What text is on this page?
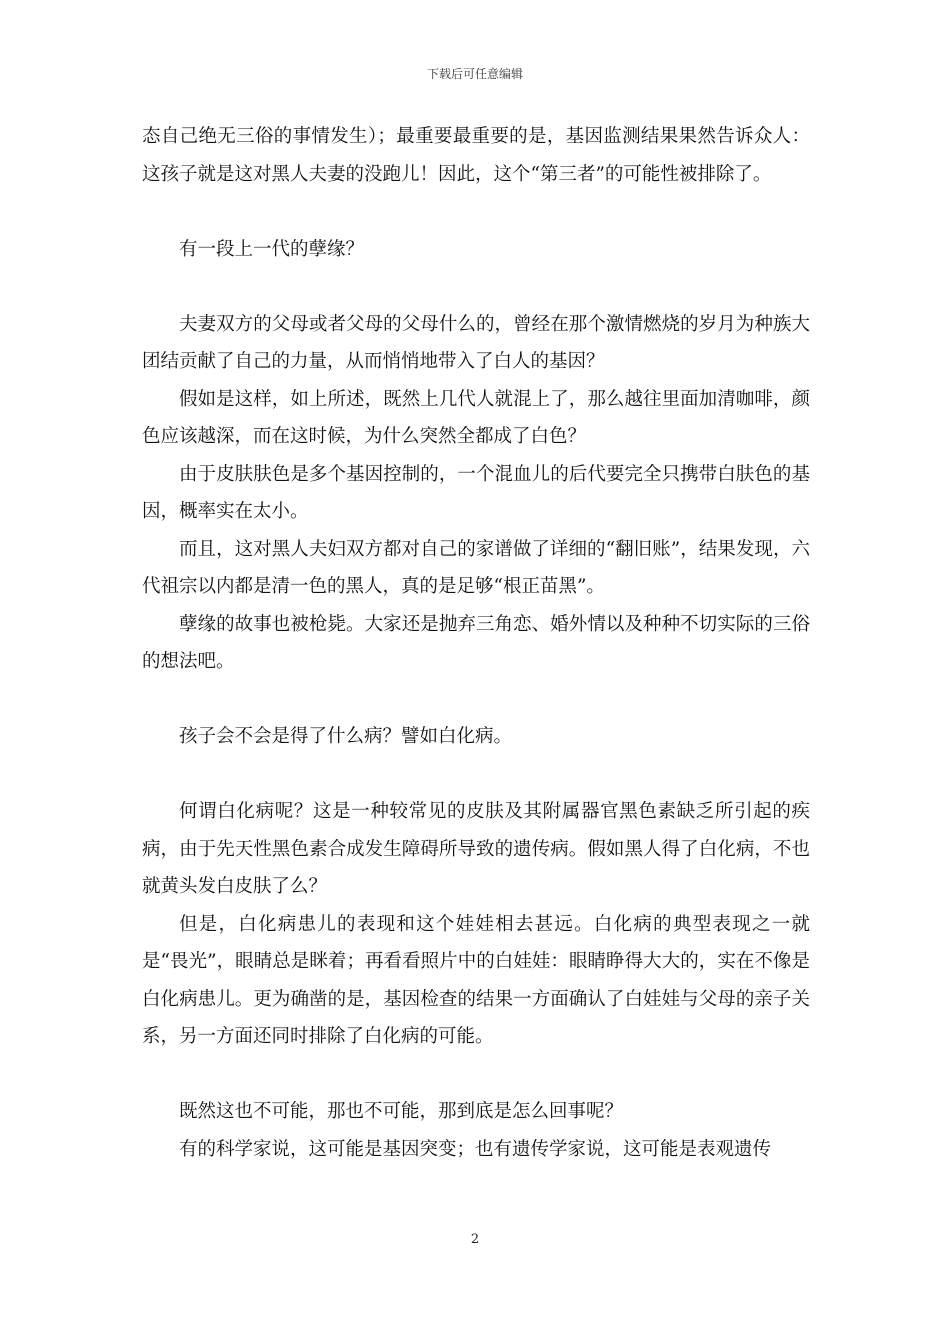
下载后可任意编辑

态自己绝无三俗的事情发生）；最重要最重要的是，基因监测结果果然告诉众人：这孩子就是这对黑人夫妻的没跑儿！因此，这个“第三者”的可能性被排除了。

有一段上一代的孽缘？

夫妻双方的父母或者父母的父母什么的，曾经在那个激情燃烧的岁月为种族大团结贡献了自己的力量，从而悄悄地带入了白人的基因？

假如是这样，如上所述，既然上几代人就混上了，那么越往里面加清咖啡，颜色应该越深，而在这时候，为什么突然全都成了白色？

由于皮肤肤色是多个基因控制的，一个混血儿的后代要完全只携带白肤色的基因，概率实在太小。

而且，这对黑人夫妇双方都对自己的家谱做了详细的“翻旧账”，结果发现，六代祖宗以内都是清一色的黑人，真的是足够“根正苗黑”。

孽缘的故事也被枪毙。大家还是抛弃三角恋、婚外情以及种种不切实际的三俗的想法吧。

孩子会不会是得了什么病？譬如白化病。

何谓白化病呢？这是一种较常见的皮肤及其附属器官黑色素缺乏所引起的疾病，由于先天性黑色素合成发生障碍所导致的遗传病。假如黑人得了白化病，不也就黄头发白皮肤了么？

但是，白化病患儿的表现和这个娃娃相去甚远。白化病的典型表现之一就是“畏光”，眼睛总是眯着；再看看照片中的白娃娃：眼睛睁得大大的，实在不像是白化病患儿。更为确凿的是，基因检查的结果一方面确认了白娃娃与父母的亲子关系，另一方面还同时排除了白化病的可能。

既然这也不可能，那也不可能，那到底是怎么回事呢？

有的科学家说，这可能是基因突变；也有遗传学家说，这可能是表观遗传

2
